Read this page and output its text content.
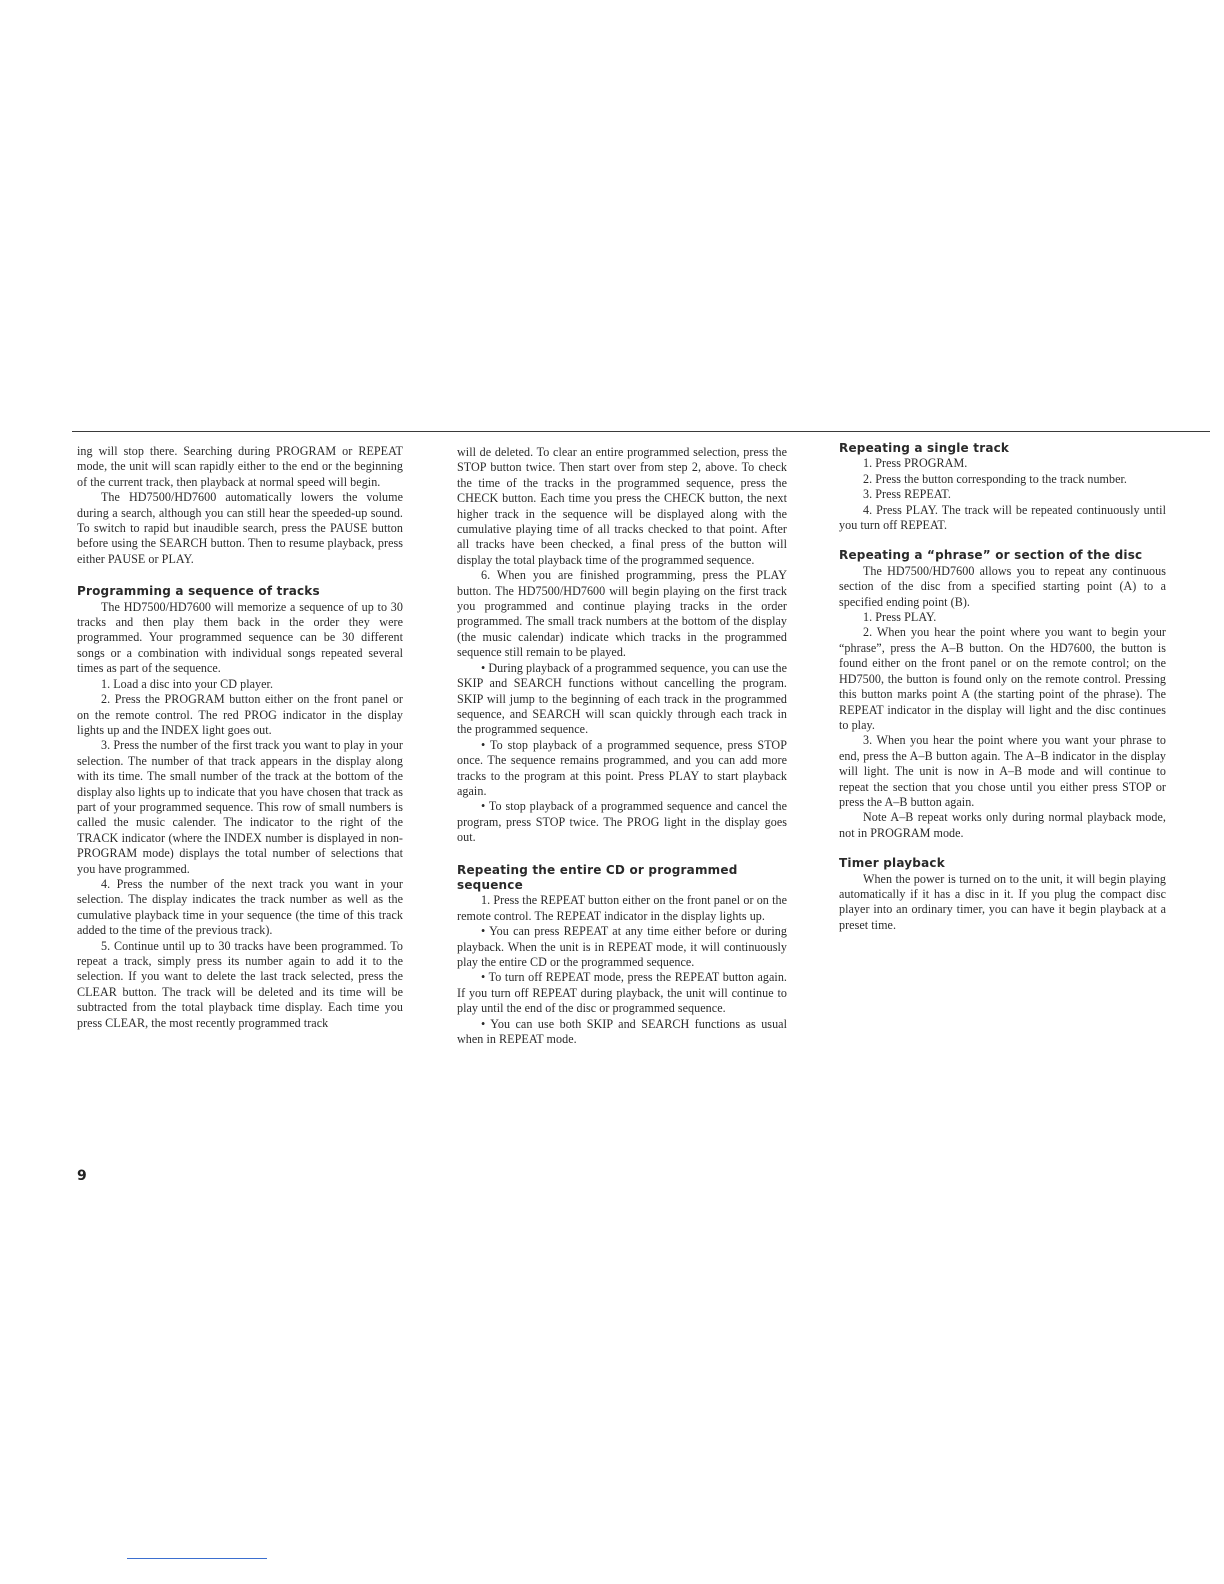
ing will stop there. Searching during PROGRAM or REPEAT mode, the unit will scan rapidly either to the end or the beginning of the current track, then playback at normal speed will begin.

The HD7500/HD7600 automatically lowers the volume during a search, although you can still hear the speeded-up sound. To switch to rapid but inaudible search, press the PAUSE button before using the SEARCH button. Then to resume playback, press either PAUSE or PLAY.

Programming a sequence of tracks

The HD7500/HD7600 will memorize a sequence of up to 30 tracks and then play them back in the order they were programmed. Your programmed sequence can be 30 different songs or a combination with individual songs repeated several times as part of the sequence.

1. Load a disc into your CD player.

2. Press the PROGRAM button either on the front panel or on the remote control. The red PROG indicator in the display lights up and the INDEX light goes out.

3. Press the number of the first track you want to play in your selection. The number of that track appears in the display along with its time. The small number of the track at the bottom of the display also lights up to indicate that you have chosen that track as part of your programmed sequence. This row of small numbers is called the music calender. The indicator to the right of the TRACK indicator (where the INDEX number is displayed in non-PROGRAM mode) displays the total number of selections that you have programmed.

4. Press the number of the next track you want in your selection. The display indicates the track number as well as the cumulative playback time in your sequence (the time of this track added to the time of the previous track).

5. Continue until up to 30 tracks have been programmed. To repeat a track, simply press its number again to add it to the selection. If you want to delete the last track selected, press the CLEAR button. The track will be deleted and its time will be subtracted from the total playback time display. Each time you press CLEAR, the most recently programmed track

will de deleted. To clear an entire programmed selection, press the STOP button twice. Then start over from step 2, above. To check the time of the tracks in the programmed sequence, press the CHECK button. Each time you press the CHECK button, the next higher track in the sequence will be displayed along with the cumulative playing time of all tracks checked to that point. After all tracks have been checked, a final press of the button will display the total playback time of the programmed sequence.

6. When you are finished programming, press the PLAY button. The HD7500/HD7600 will begin playing on the first track you programmed and continue playing tracks in the order programmed. The small track numbers at the bottom of the display (the music calendar) indicate which tracks in the programmed sequence still remain to be played.

• During playback of a programmed sequence, you can use the SKIP and SEARCH functions without cancelling the program. SKIP will jump to the beginning of each track in the programmed sequence, and SEARCH will scan quickly through each track in the programmed sequence.

• To stop playback of a programmed sequence, press STOP once. The sequence remains programmed, and you can add more tracks to the program at this point. Press PLAY to start playback again.

• To stop playback of a programmed sequence and cancel the program, press STOP twice. The PROG light in the display goes out.

Repeating the entire CD or programmed sequence

1. Press the REPEAT button either on the front panel or on the remote control. The REPEAT indicator in the display lights up.

• You can press REPEAT at any time either before or during playback. When the unit is in REPEAT mode, it will continuously play the entire CD or the programmed sequence.

• To turn off REPEAT mode, press the REPEAT button again. If you turn off REPEAT during playback, the unit will continue to play until the end of the disc or programmed sequence.

• You can use both SKIP and SEARCH functions as usual when in REPEAT mode.

Repeating a single track

1. Press PROGRAM.

2. Press the button corresponding to the track number.

3. Press REPEAT.

4. Press PLAY. The track will be repeated continuously until you turn off REPEAT.

Repeating a “phrase” or section of the disc

The HD7500/HD7600 allows you to repeat any continuous section of the disc from a specified starting point (A) to a specified ending point (B).

1. Press PLAY.

2. When you hear the point where you want to begin your “phrase”, press the A–B button. On the HD7600, the button is found either on the front panel or on the remote control; on the HD7500, the button is found only on the remote control. Pressing this button marks point A (the starting point of the phrase). The REPEAT indicator in the display will light and the disc continues to play.

3. When you hear the point where you want your phrase to end, press the A–B button again. The A–B indicator in the display will light. The unit is now in A–B mode and will continue to repeat the section that you chose until you either press STOP or press the A–B button again.

Note A–B repeat works only during normal playback mode, not in PROGRAM mode.

Timer playback

When the power is turned on to the unit, it will begin playing automatically if it has a disc in it. If you plug the compact disc player into an ordinary timer, you can have it begin playback at a preset time.

9
